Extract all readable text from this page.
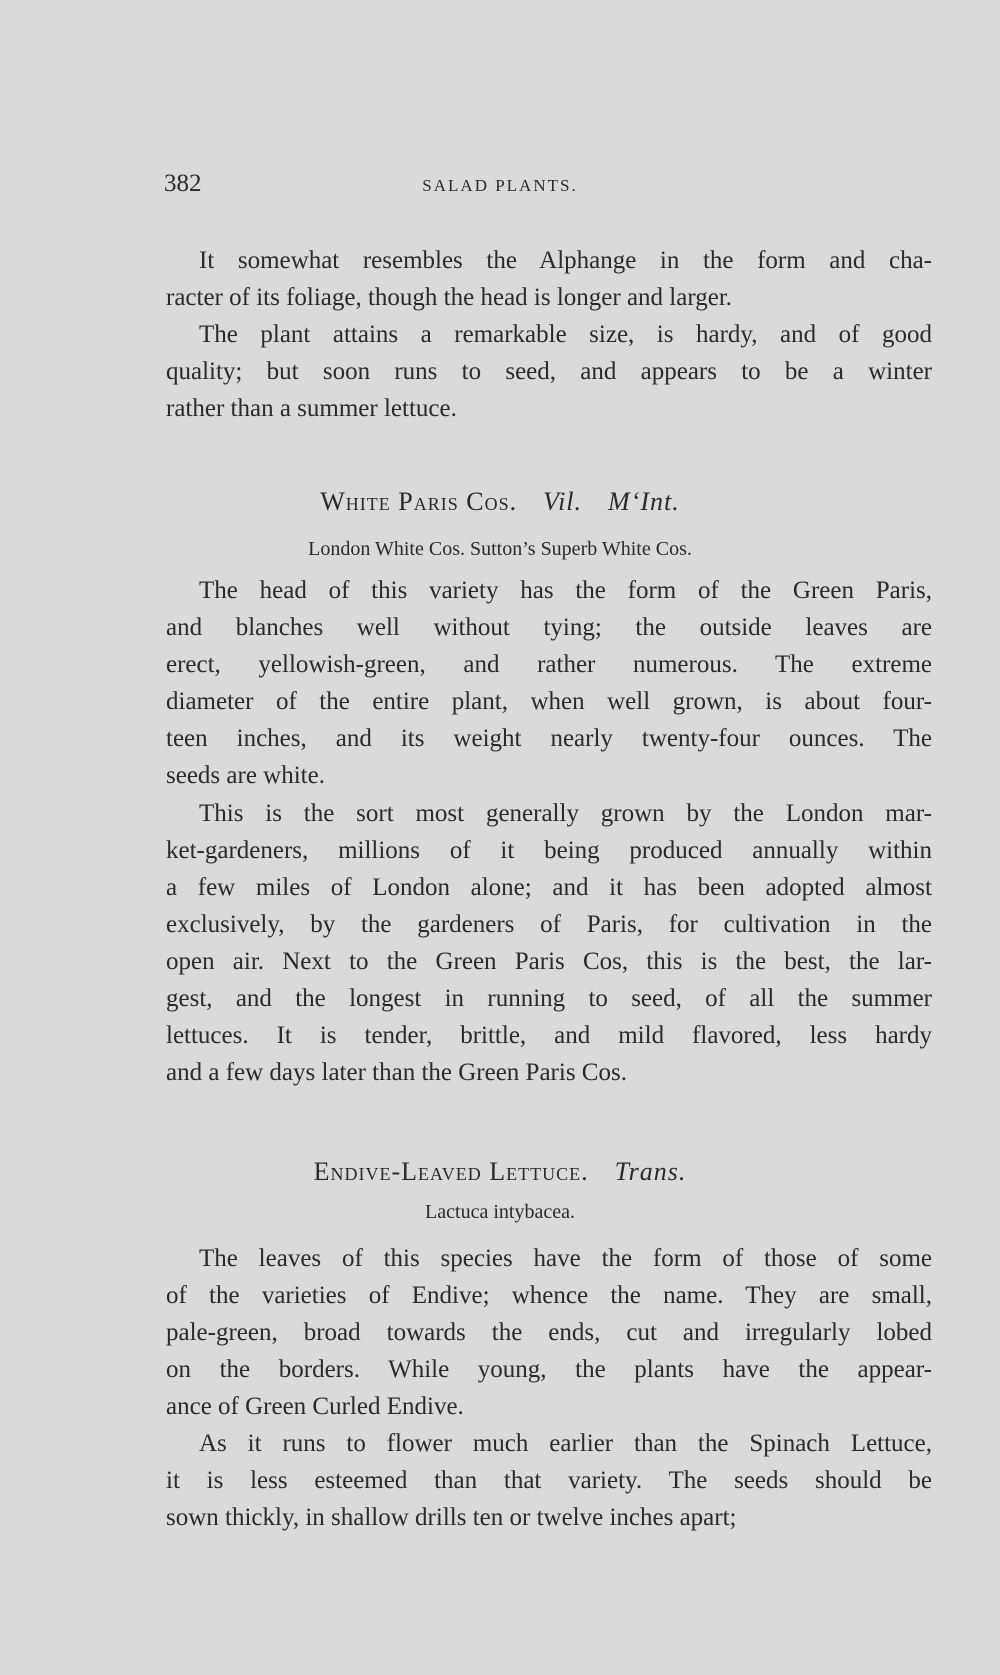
382	SALAD PLANTS.
It somewhat resembles the Alphange in the form and cha-
racter of its foliage, though the head is longer and larger.
The plant attains a remarkable size, is hardy, and of good
quality; but soon runs to seed, and appears to be a winter
rather than a summer lettuce.
White Paris Cos. Vil. M‘Int.
London White Cos. Sutton’s Superb White Cos.
The head of this variety has the form of the Green Paris,
and blanches well without tying; the outside leaves are
erect, yellowish-green, and rather numerous. The extreme
diameter of the entire plant, when well grown, is about four-
teen inches, and its weight nearly twenty-four ounces. The
seeds are white.
This is the sort most generally grown by the London mar-
ket-gardeners, millions of it being produced annually within
a few miles of London alone; and it has been adopted almost
exclusively, by the gardeners of Paris, for cultivation in the
open air. Next to the Green Paris Cos, this is the best, the lar-
gest, and the longest in running to seed, of all the summer
lettuces. It is tender, brittle, and mild flavored, less hardy
and a few days later than the Green Paris Cos.
Endive-Leaved Lettuce. Trans.
Lactuca intybacea.
The leaves of this species have the form of those of some
of the varieties of Endive; whence the name. They are small,
pale-green, broad towards the ends, cut and irregularly lobed
on the borders. While young, the plants have the appear-
ance of Green Curled Endive.
As it runs to flower much earlier than the Spinach Lettuce,
it is less esteemed than that variety. The seeds should be
sown thickly, in shallow drills ten or twelve inches apart;
